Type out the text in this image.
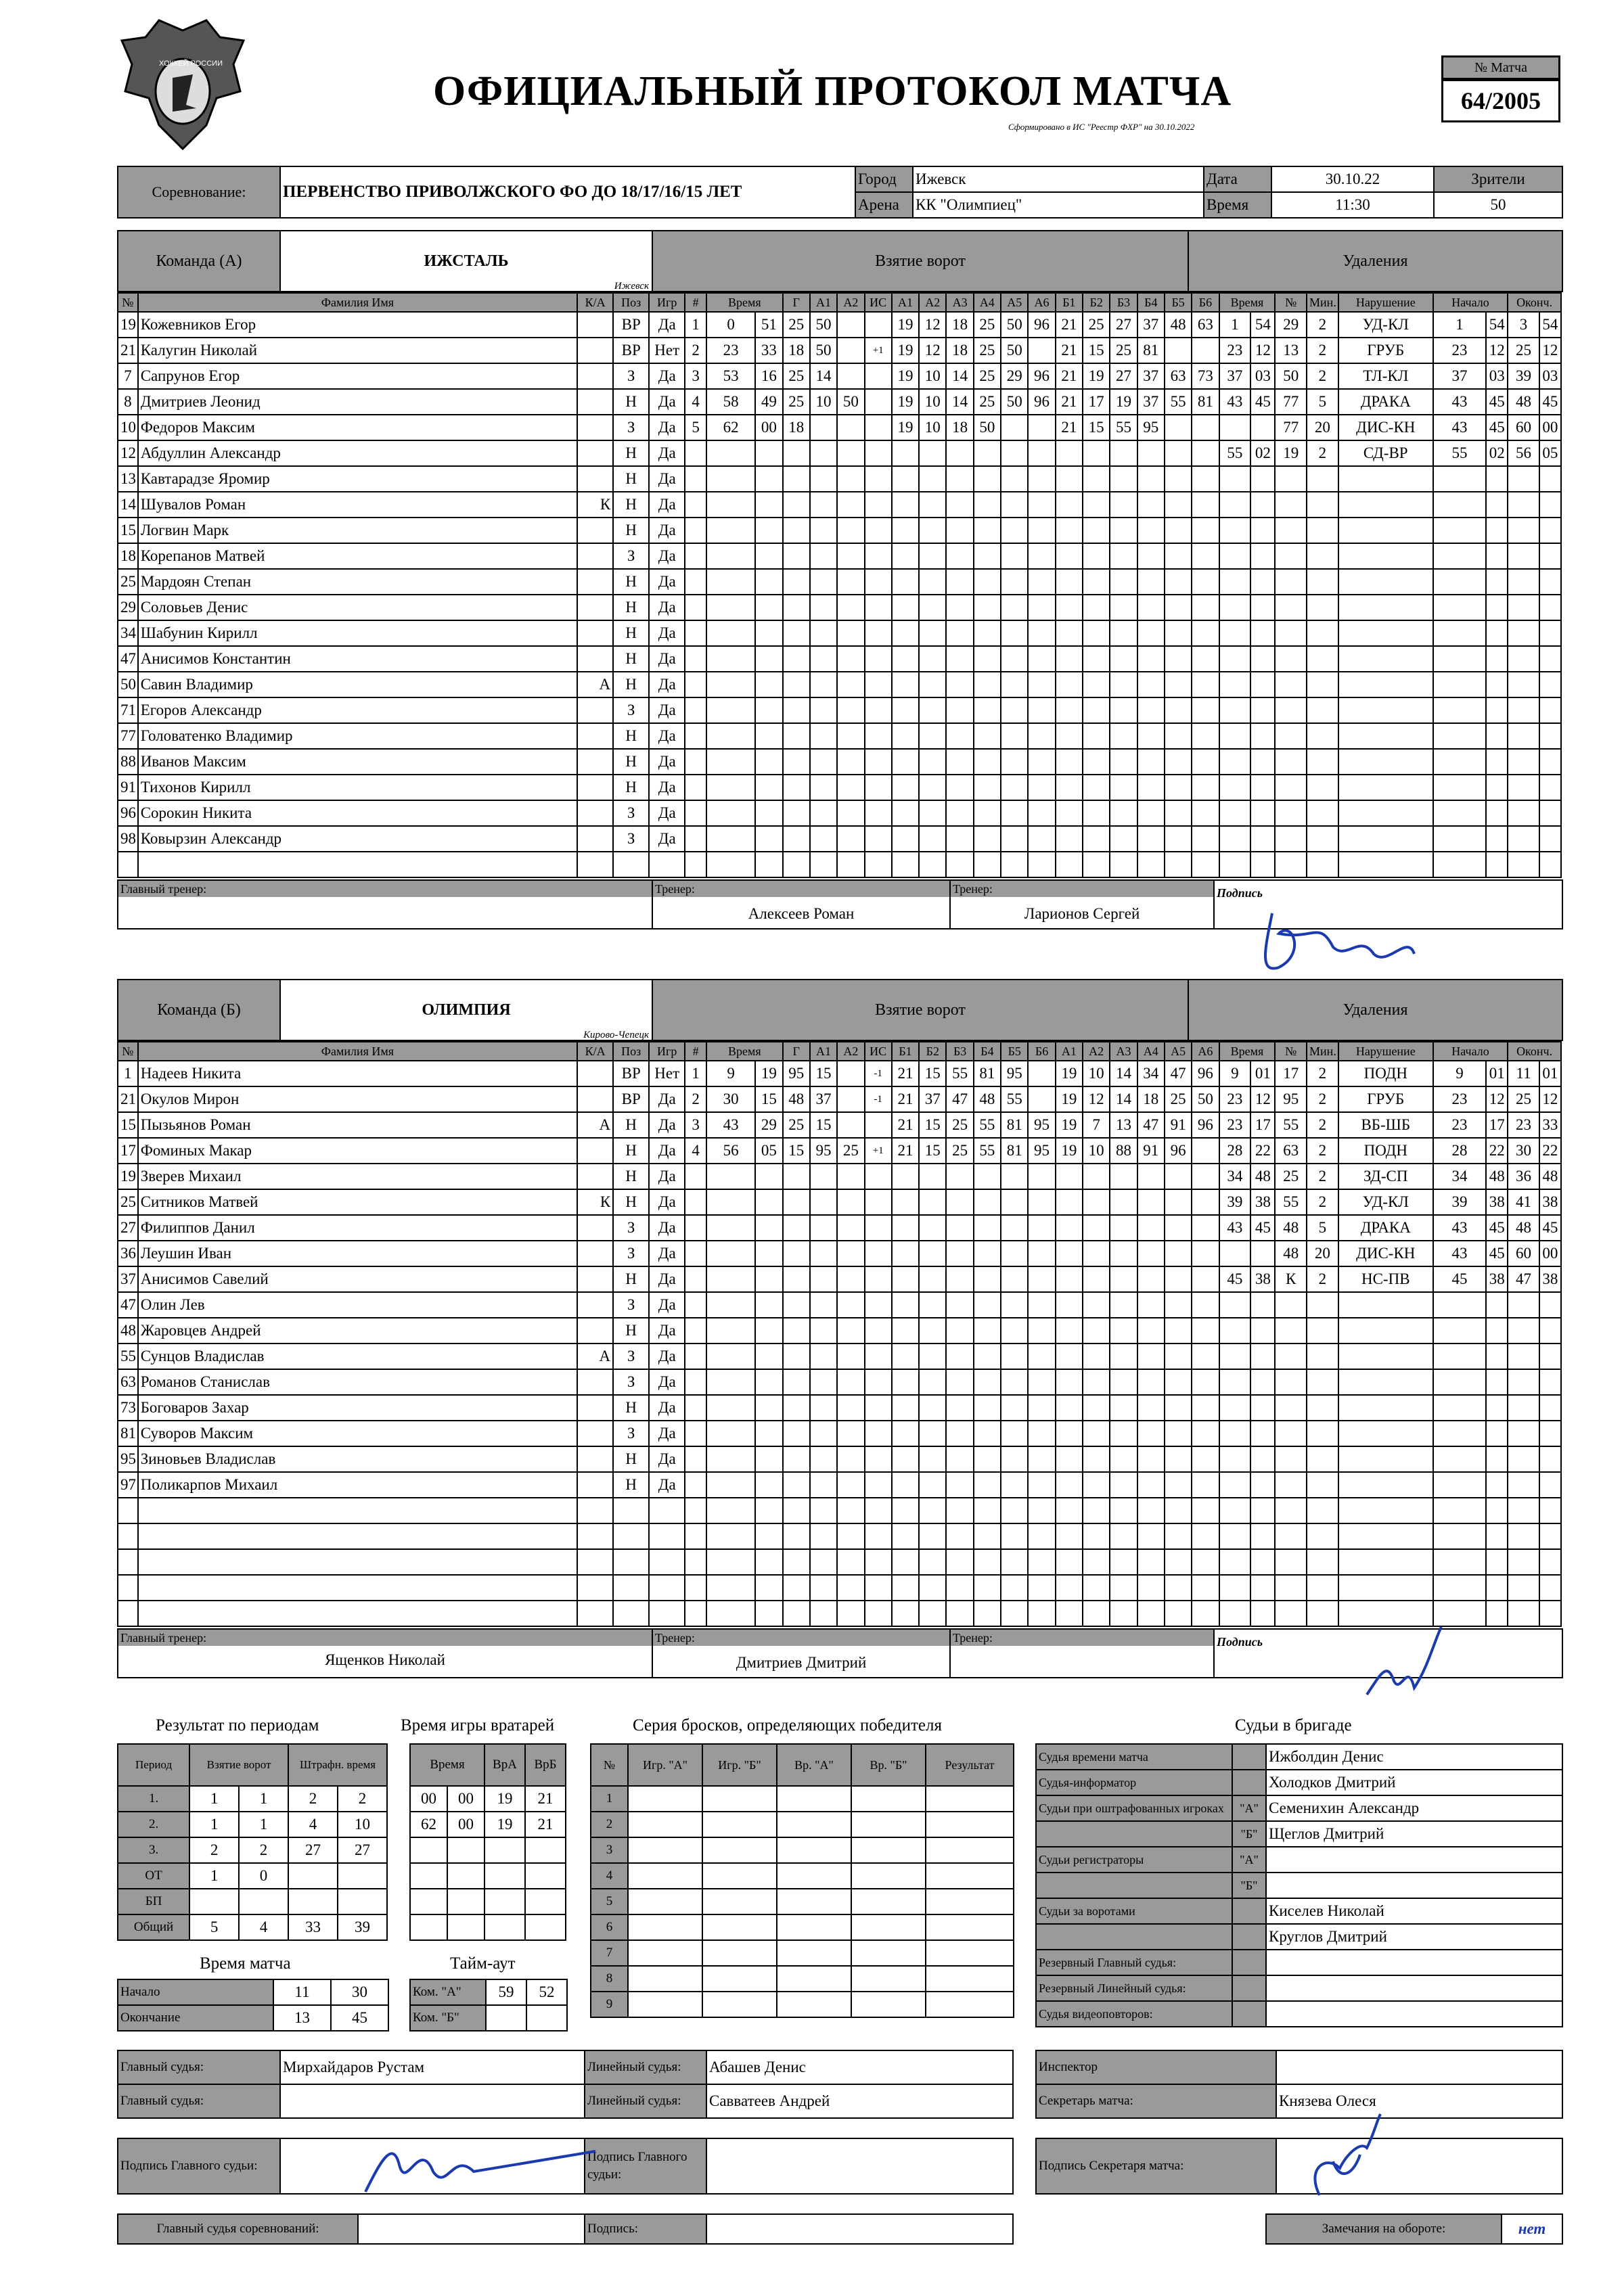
ХОККЕЙ РОССИИ
ОФИЦИАЛЬНЫЙ ПРОТОКОЛ МАТЧА
Сформировано в ИС "Реестр ФХР" на 30.10.2022
№ Матча
64/2005
Соревнование:	ПЕРВЕНСТВО ПРИВОЛЖСКОГО ФО ДО 18/17/16/15 ЛЕТ	Город	Ижевск	Дата	30.10.22	Зрители
		Арена	КК "Олимпиец"	Время	11:30	50
Команда (А)	ИЖСТАЛЬ
Ижевск
	Взятие ворот	Удаления
№	Фамилия Имя	К/А	Поз	Игр	#	Время		Г	А1	А2	ИС	А1	А2	А3	А4	А5	А6	Б1	Б2	Б3	Б4	Б5	Б6	Время		№	Мин.	Нарушение	Начало		Оконч.	
19	Кожевников Егор		ВР	Да	1	0	51	25	50			19	12	18	25	50	96	21	25	27	37	48	63	1	54	29	2	УД-КЛ	1	54	3	54
21	Калугин Николай		ВР	Нет	2	23	33	18	50		+1	19	12	18	25	50		21	15	25	81			23	12	13	2	ГРУБ	23	12	25	12
7	Сапрунов Егор		З	Да	3	53	16	25	14			19	10	14	25	29	96	21	19	27	37	63	73	37	03	50	2	ТЛ-КЛ	37	03	39	03
8	Дмитриев Леонид		Н	Да	4	58	49	25	10	50		19	10	14	25	50	96	21	17	19	37	55	81	43	45	77	5	ДРАКА	43	45	48	45
10	Федоров Максим		З	Да	5	62	00	18				19	10	18	50			21	15	55	95					77	20	ДИС-КН	43	45	60	00
12	Абдуллин Александр		Н	Да																				55	02	19	2	СД-ВР	55	02	56	05
13	Кавтарадзе Яромир		Н	Да																												
14	Шувалов Роман	К	Н	Да																												
15	Логвин Марк		Н	Да																												
18	Корепанов Матвей		З	Да																												
25	Мардоян Степан		Н	Да																												
29	Соловьев Денис		Н	Да																												
34	Шабунин Кирилл		Н	Да																												
47	Анисимов Константин		Н	Да																												
50	Савин Владимир	А	Н	Да																												
71	Егоров Александр		З	Да																												
77	Головатенко Владимир		Н	Да																												
88	Иванов Максим		Н	Да																												
91	Тихонов Кирилл		Н	Да																												
96	Сорокин Никита		З	Да																												
98	Ковырзин Александр		З	Да																												

Главный тренер:	Тренер:
Алексеев Роман

Тренер:
Ларионов Сергей
	Подпись
Команда (Б)	ОЛИМПИЯ
Кирово-Чепецк
	Взятие ворот	Удаления
№	Фамилия Имя	К/А	Поз	Игр	#	Время		Г	А1	А2	ИС	Б1	Б2	Б3	Б4	Б5	Б6	А1	А2	А3	А4	А5	А6	Время		№	Мин.	Нарушение	Начало		Оконч.	
1	Надеев Никита		ВР	Нет	1	9	19	95	15		-1	21	15	55	81	95		19	10	14	34	47	96	9	01	17	2	ПОДН	9	01	11	01
21	Окулов Мирон		ВР	Да	2	30	15	48	37		-1	21	37	47	48	55		19	12	14	18	25	50	23	12	95	2	ГРУБ	23	12	25	12
15	Пызьянов Роман	А	Н	Да	3	43	29	25	15			21	15	25	55	81	95	19	7	13	47	91	96	23	17	55	2	ВБ-ШБ	23	17	23	33
17	Фоминых Макар		Н	Да	4	56	05	15	95	25	+1	21	15	25	55	81	95	19	10	88	91	96		28	22	63	2	ПОДН	28	22	30	22
19	Зверев Михаил		Н	Да																				34	48	25	2	ЗД-СП	34	48	36	48
25	Ситников Матвей	К	Н	Да																				39	38	55	2	УД-КЛ	39	38	41	38
27	Филиппов Данил		З	Да																				43	45	48	5	ДРАКА	43	45	48	45
36	Леушин Иван		З	Да																						48	20	ДИС-КН	43	45	60	00
37	Анисимов Савелий		Н	Да																				45	38	К	2	НС-ПВ	45	38	47	38
47	Олин Лев		З	Да																												
48	Жаровцев Андрей		Н	Да																												
55	Сунцов Владислав	А	З	Да																												
63	Романов Станислав		З	Да																												
73	Боговаров Захар		Н	Да																												
81	Суворов Максим		З	Да																												
95	Зиновьев Владислав		Н	Да																												
97	Поликарпов Михаил		Н	Да																												

Главный тренер:
Ященков Николай

Тренер:
Дмитриев Дмитрий

Тренер:	Подпись
Результат по периодам
Период	Взятие ворот		Штрафн. время	
1.	1	1	2	2
2.	1	1	4	10
3.	2	2	27	27
ОТ	1	0		
БП				
Общий	5	4	33	39
Время игры вратарей
Время		ВрА	ВрБ
00	00	19	21
62	00	19	21

Время матча
Начало	11	30
Окончание	13	45
Тайм-аут
Ком. "А"	59	52
Ком. "Б"		
Серия бросков, определяющих победителя
№	Игр. "А"	Игр. "Б"	Вр. "А"	Вр. "Б"	Результат
1					
2					
3					
4					
5					
6					
7					
8					
9					
Судьи в бригаде
Судья времени матча		Ижболдин Денис
Судья-информатор		Холодков Дмитрий
Судьи при оштрафованных игроках	"А"	Семенихин Александр
	"Б"	Щеглов Дмитрий
Судьи регистраторы	"А"	
	"Б"	
Судьи за воротами		Киселев Николай
		Круглов Дмитрий
Резервный Главный судья:		
Резервный Линейный судья:		
Судья видеоповторов:		
Главный судья:	Мирхайдаров Рустам	Линейный судья:	Абашев Денис
Главный судья:		Линейный судья:	Савватеев Андрей
Инспектор	
Секретарь матча:	Князева Олеся
Подпись Главного судьи:		Подпись Главного судьи:	
Подпись Секретаря матча:	
Главный судья соревнований:		Подпись:		Замечания на обороте:	нет
